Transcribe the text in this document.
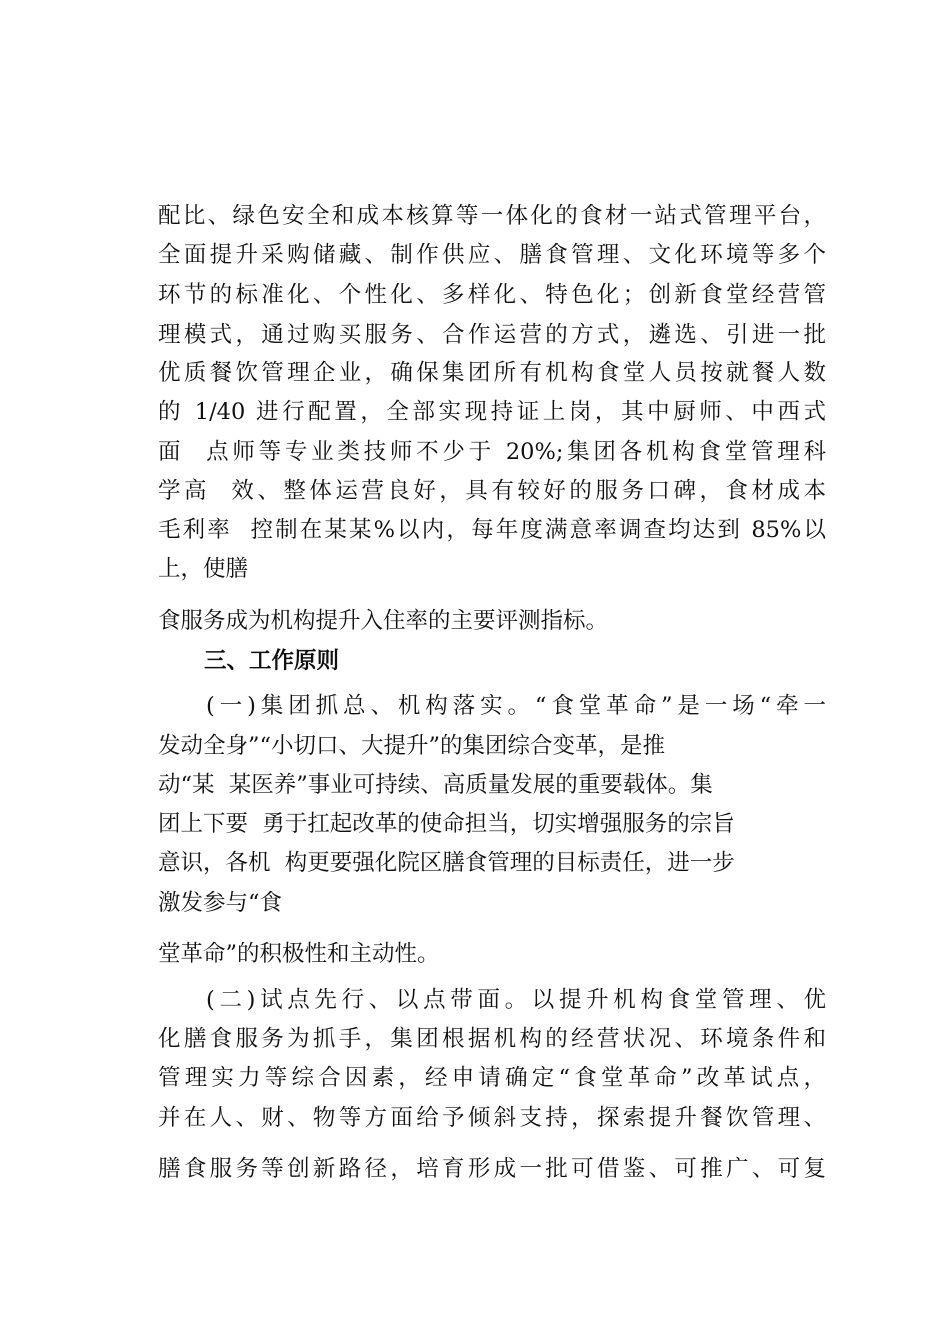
配比、绿色安全和成本核算等一体化的食材一站式管理平台，
全面提升采购储藏、制作供应、膳食管理、文化环境等多个
环节的标准化、个性化、多样化、特色化；创新食堂经营管
理模式，通过购买服务、合作运营的方式，遴选、引进一批
优质餐饮管理企业，确保集团所有机构食堂人员按就餐人数
的 1/40 进行配置，全部实现持证上岗，其中厨师、中西式
面  点师等专业类技师不少于 20%;集团各机构食堂管理科
学高  效、整体运营良好，具有较好的服务口碑，食材成本
毛利率  控制在某某%以内，每年度满意率调查均达到 85%以
上，使膳
食服务成为机构提升入住率的主要评测指标。
三、工作原则
(一)集团抓总、机构落实。“食堂革命”是一场“牵一
发动全身”“小切口、大提升”的集团综合变革，是推
动“某  某医养”事业可持续、高质量发展的重要载体。集
团上下要  勇于扛起改革的使命担当，切实增强服务的宗旨
意识，各机  构更要强化院区膳食管理的目标责任，进一步
激发参与“食
堂革命”的积极性和主动性。
(二)试点先行、以点带面。以提升机构食堂管理、优
化膳食服务为抓手，集团根据机构的经营状况、环境条件和
管理实力等综合因素，经申请确定“食堂革命”改革试点，
并在人、财、物等方面给予倾斜支持，探索提升餐饮管理、
膳食服务等创新路径，培育形成一批可借鉴、可推广、可复
